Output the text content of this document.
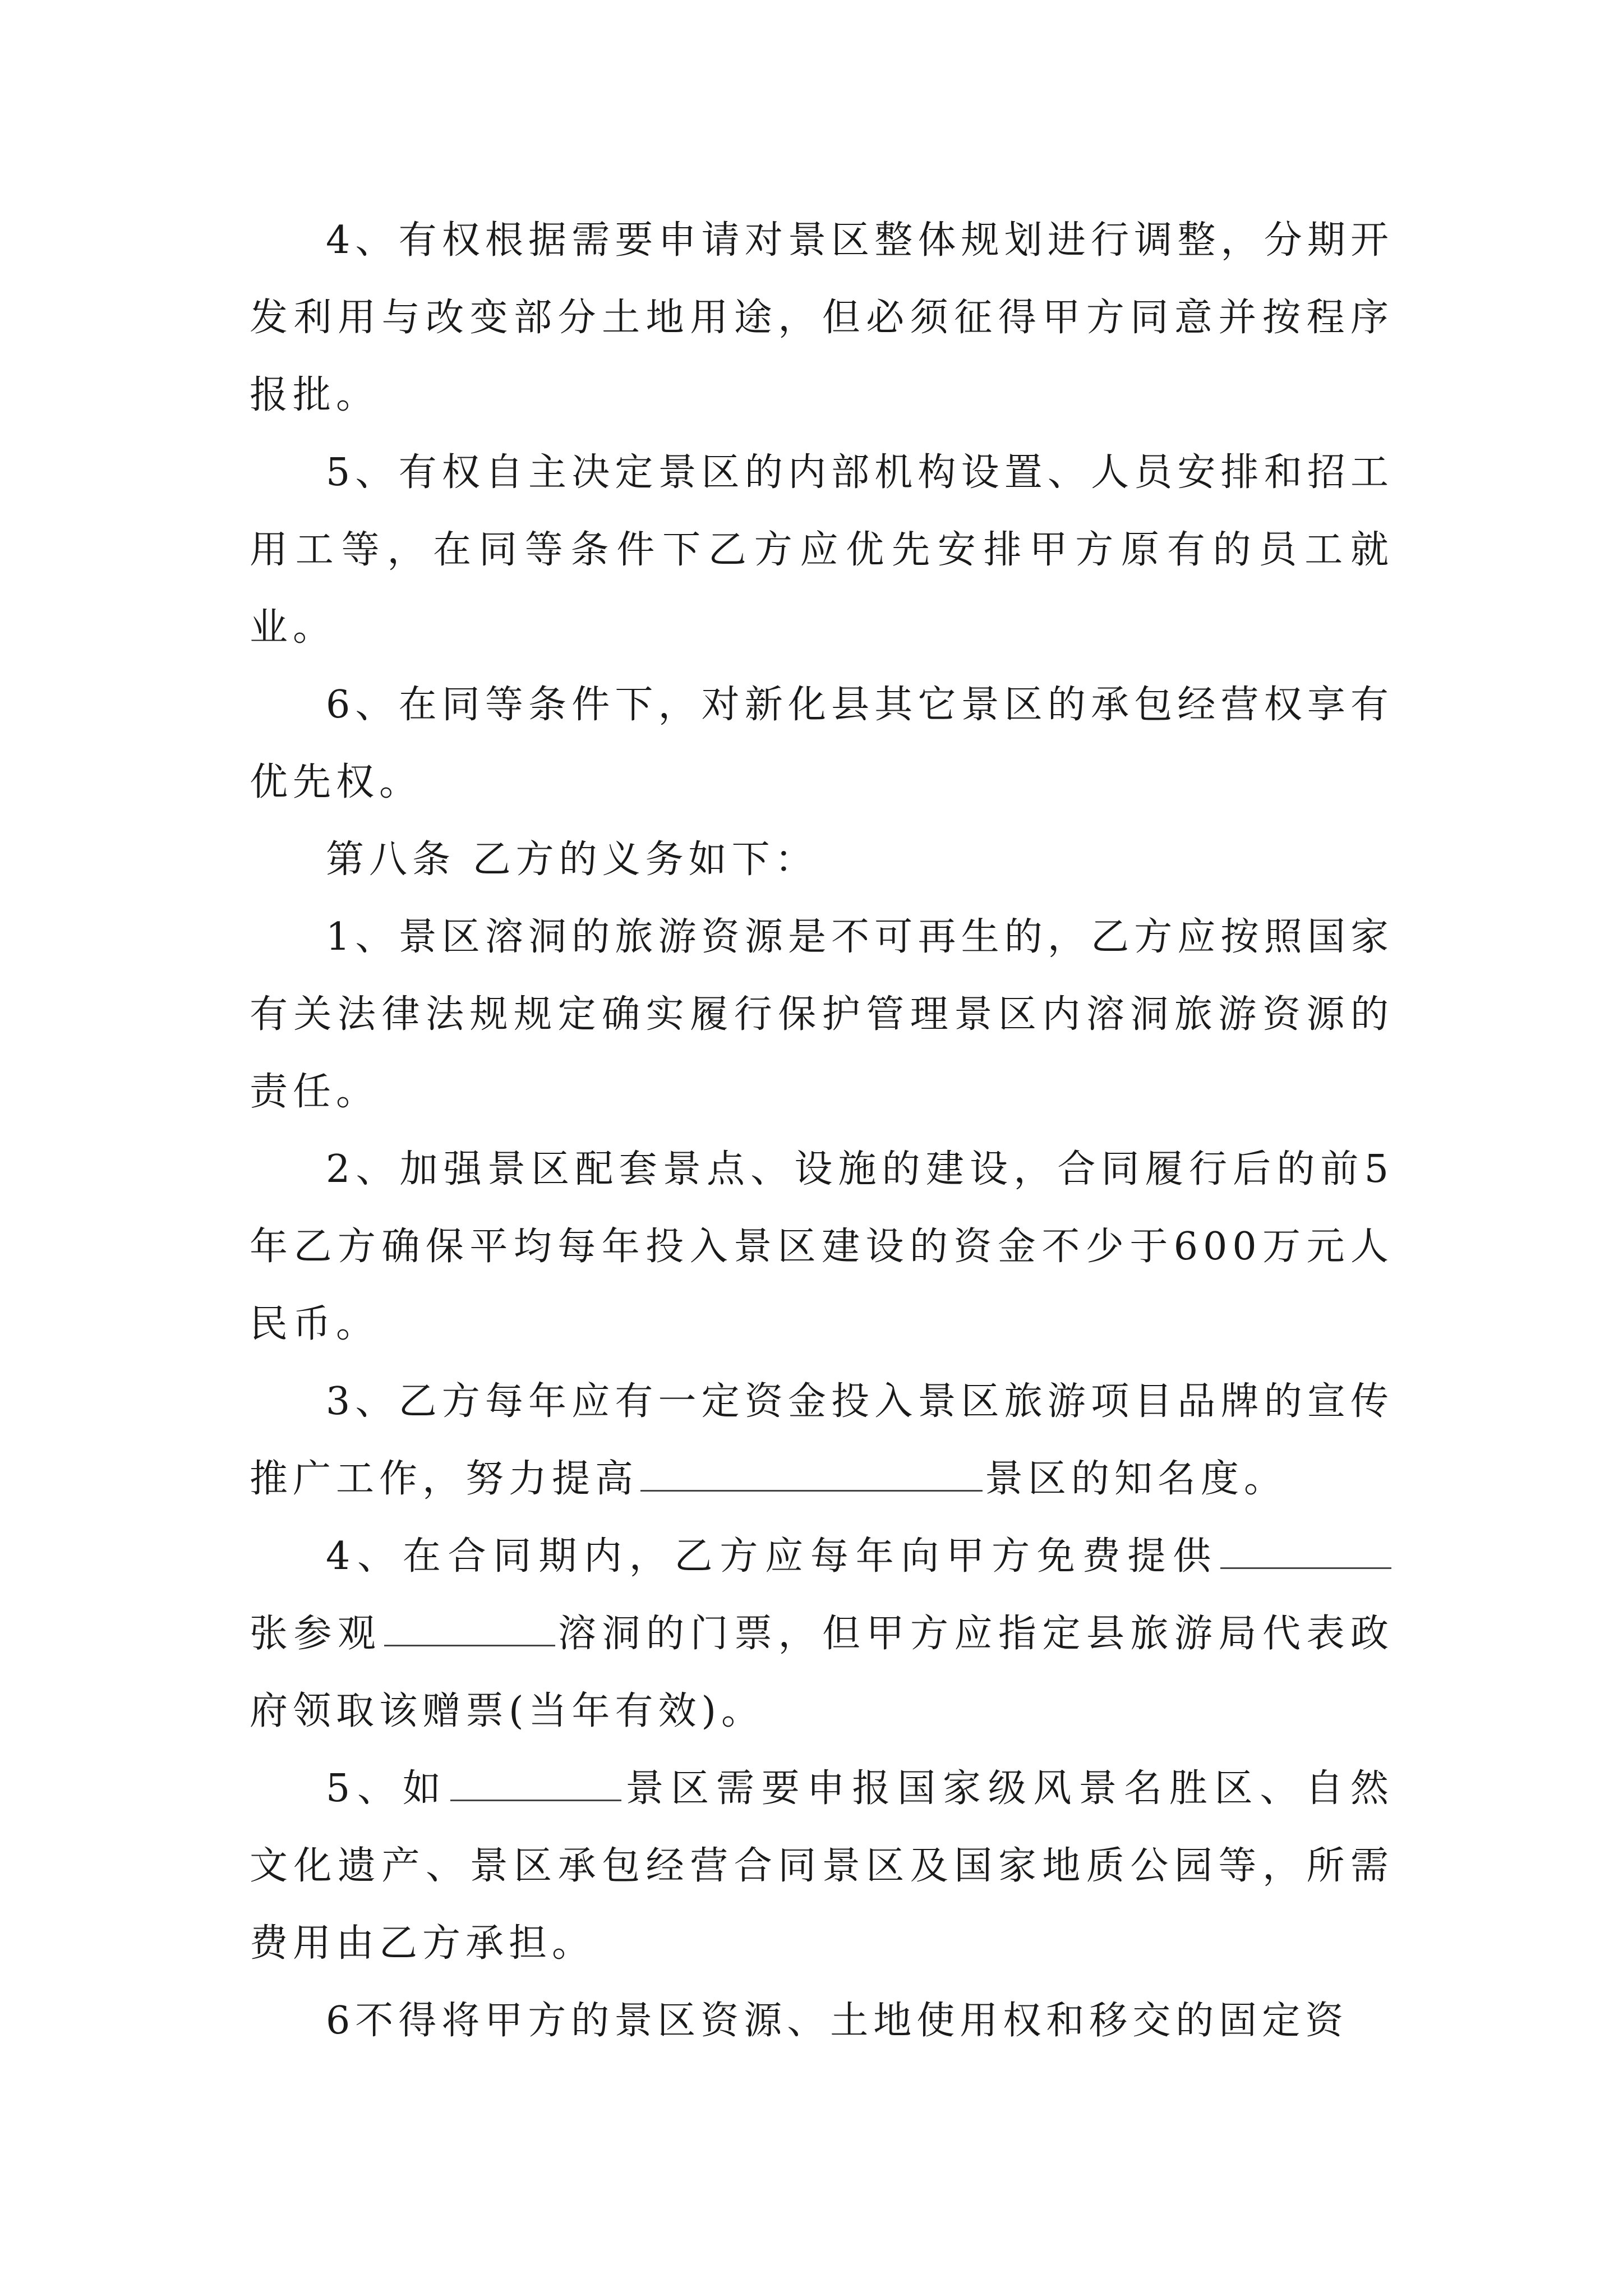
4、有权根据需要申请对景区整体规划进行调整，分期开发利用与改变部分土地用途，但必须征得甲方同意并按程序报批。

5、有权自主决定景区的内部机构设置、人员安排和招工用工等，在同等条件下乙方应优先安排甲方原有的员工就业。

6、在同等条件下，对新化县其它景区的承包经营权享有优先权。

第八条 乙方的义务如下：

1、景区溶洞的旅游资源是不可再生的，乙方应按照国家有关法律法规规定确实履行保护管理景区内溶洞旅游资源的责任。

2、加强景区配套景点、设施的建设，合同履行后的前5年乙方确保平均每年投入景区建设的资金不少于600万元人民币。

3、乙方每年应有一定资金投入景区旅游项目品牌的宣传推广工作，努力提高	景区的知名度。

4、在合同期内，乙方应每年向甲方免费提供张参观	溶洞的门票，但甲方应指定县旅游局代表政府领取该赠票(当年有效)。

5、如	景区需要申报国家级风景名胜区、自然文化遗产、景区承包经营合同景区及国家地质公园等，所需费用由乙方承担。

6不得将甲方的景区资源、土地使用权和移交的固定资
